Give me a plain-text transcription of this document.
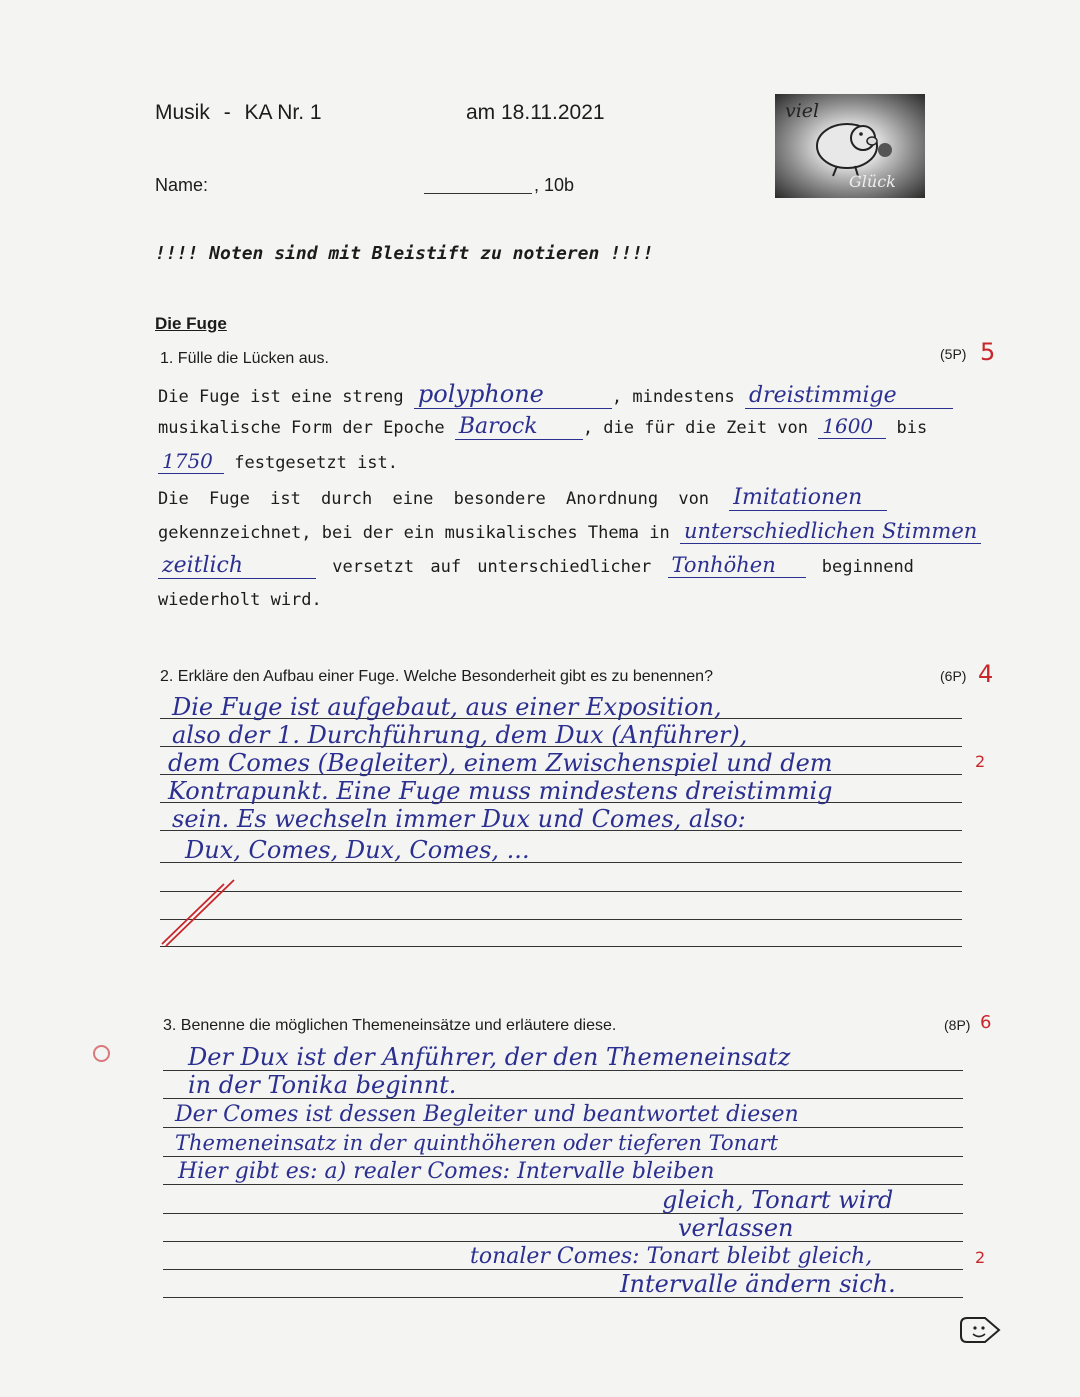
Musik - KA Nr. 1	am 18.11.2021
Name:	, 10b
viel
Glück
!!!! Noten sind mit Bleistift zu notieren !!!!
Die Fuge
1. Fülle die Lücken aus.	(5P) 5
Die Fuge ist eine streng polyphone	, mindestens dreistimmige
musikalische Form der Epoche Barock	, die für die Zeit von 1600 bis
1750 festgesetzt ist.
Die Fuge ist durch eine besondere Anordnung von Imitationen
gekennzeichnet, bei der ein musikalisches Thema in unterschiedlichen Stimmen
zeitlich	versetzt auf unterschiedlicher Tonhöhen	beginnend
wiederholt wird.
2. Erkläre den Aufbau einer Fuge. Welche Besonderheit gibt es zu benennen?	(6P) 4
Die Fuge ist aufgebaut, aus einer Exposition,
also der 1. Durchführung, dem Dux (Anführer),
dem Comes (Begleiter), einem Zwischenspiel und dem
Kontrapunkt. Eine Fuge muss mindestens dreistimmig
sein. Es wechseln immer Dux und Comes, also:
Dux, Comes, Dux, Comes, ...
2
3. Benenne die möglichen Themeneinsätze und erläutere diese.	(8P) 6
Der Dux ist der Anführer, der den Themeneinsatz
in der Tonika beginnt.
Der Comes ist dessen Begleiter und beantwortet diesen
Themeneinsatz in der quinthöheren oder tieferen Tonart
Hier gibt es: a) realer Comes: Intervalle bleiben
gleich, Tonart wird
verlassen
tonaler Comes: Tonart bleibt gleich,
Intervalle ändern sich.
2
